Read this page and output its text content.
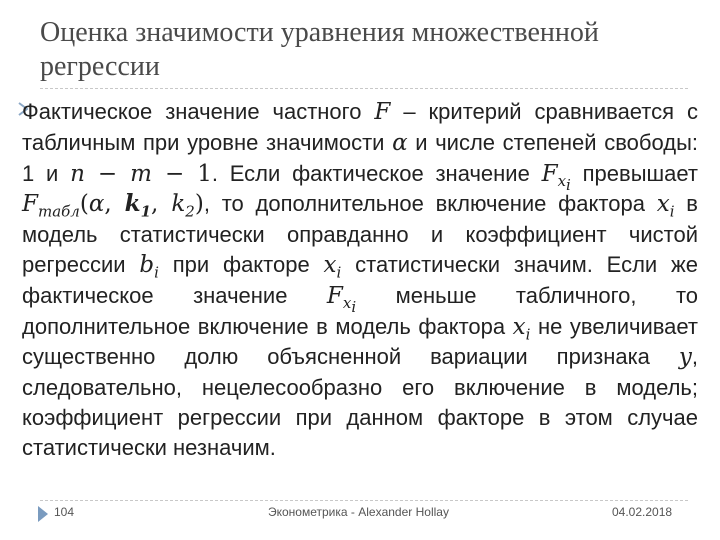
Оценка значимости уравнения множественной регрессии

Фактическое значение частного F – критерий сравнивается с табличным при уровне значимости α и числе степеней свободы: 1 и n − m − 1. Если фактическое значение $F_{x_i}$ превышает $F_{табл}(\alpha$, $k_1$, $k_2$), то дополнительное включение фактора $x_i$ в модель статистически оправданно и коэффициент чистой регрессии $b_i$ при факторе $x_i$ статистически значим. Если же фактическое значение $F_{x_i}$ меньше табличного, то дополнительное включение в модель фактора $x_i$ не увеличивает существенно долю объясненной вариации признака y, следовательно, нецелесообразно его включение в модель; коэффициент регрессии при данном факторе в этом случае статистически незначим.

104	Эконометрика - Alexander Hollay	04.02.2018
